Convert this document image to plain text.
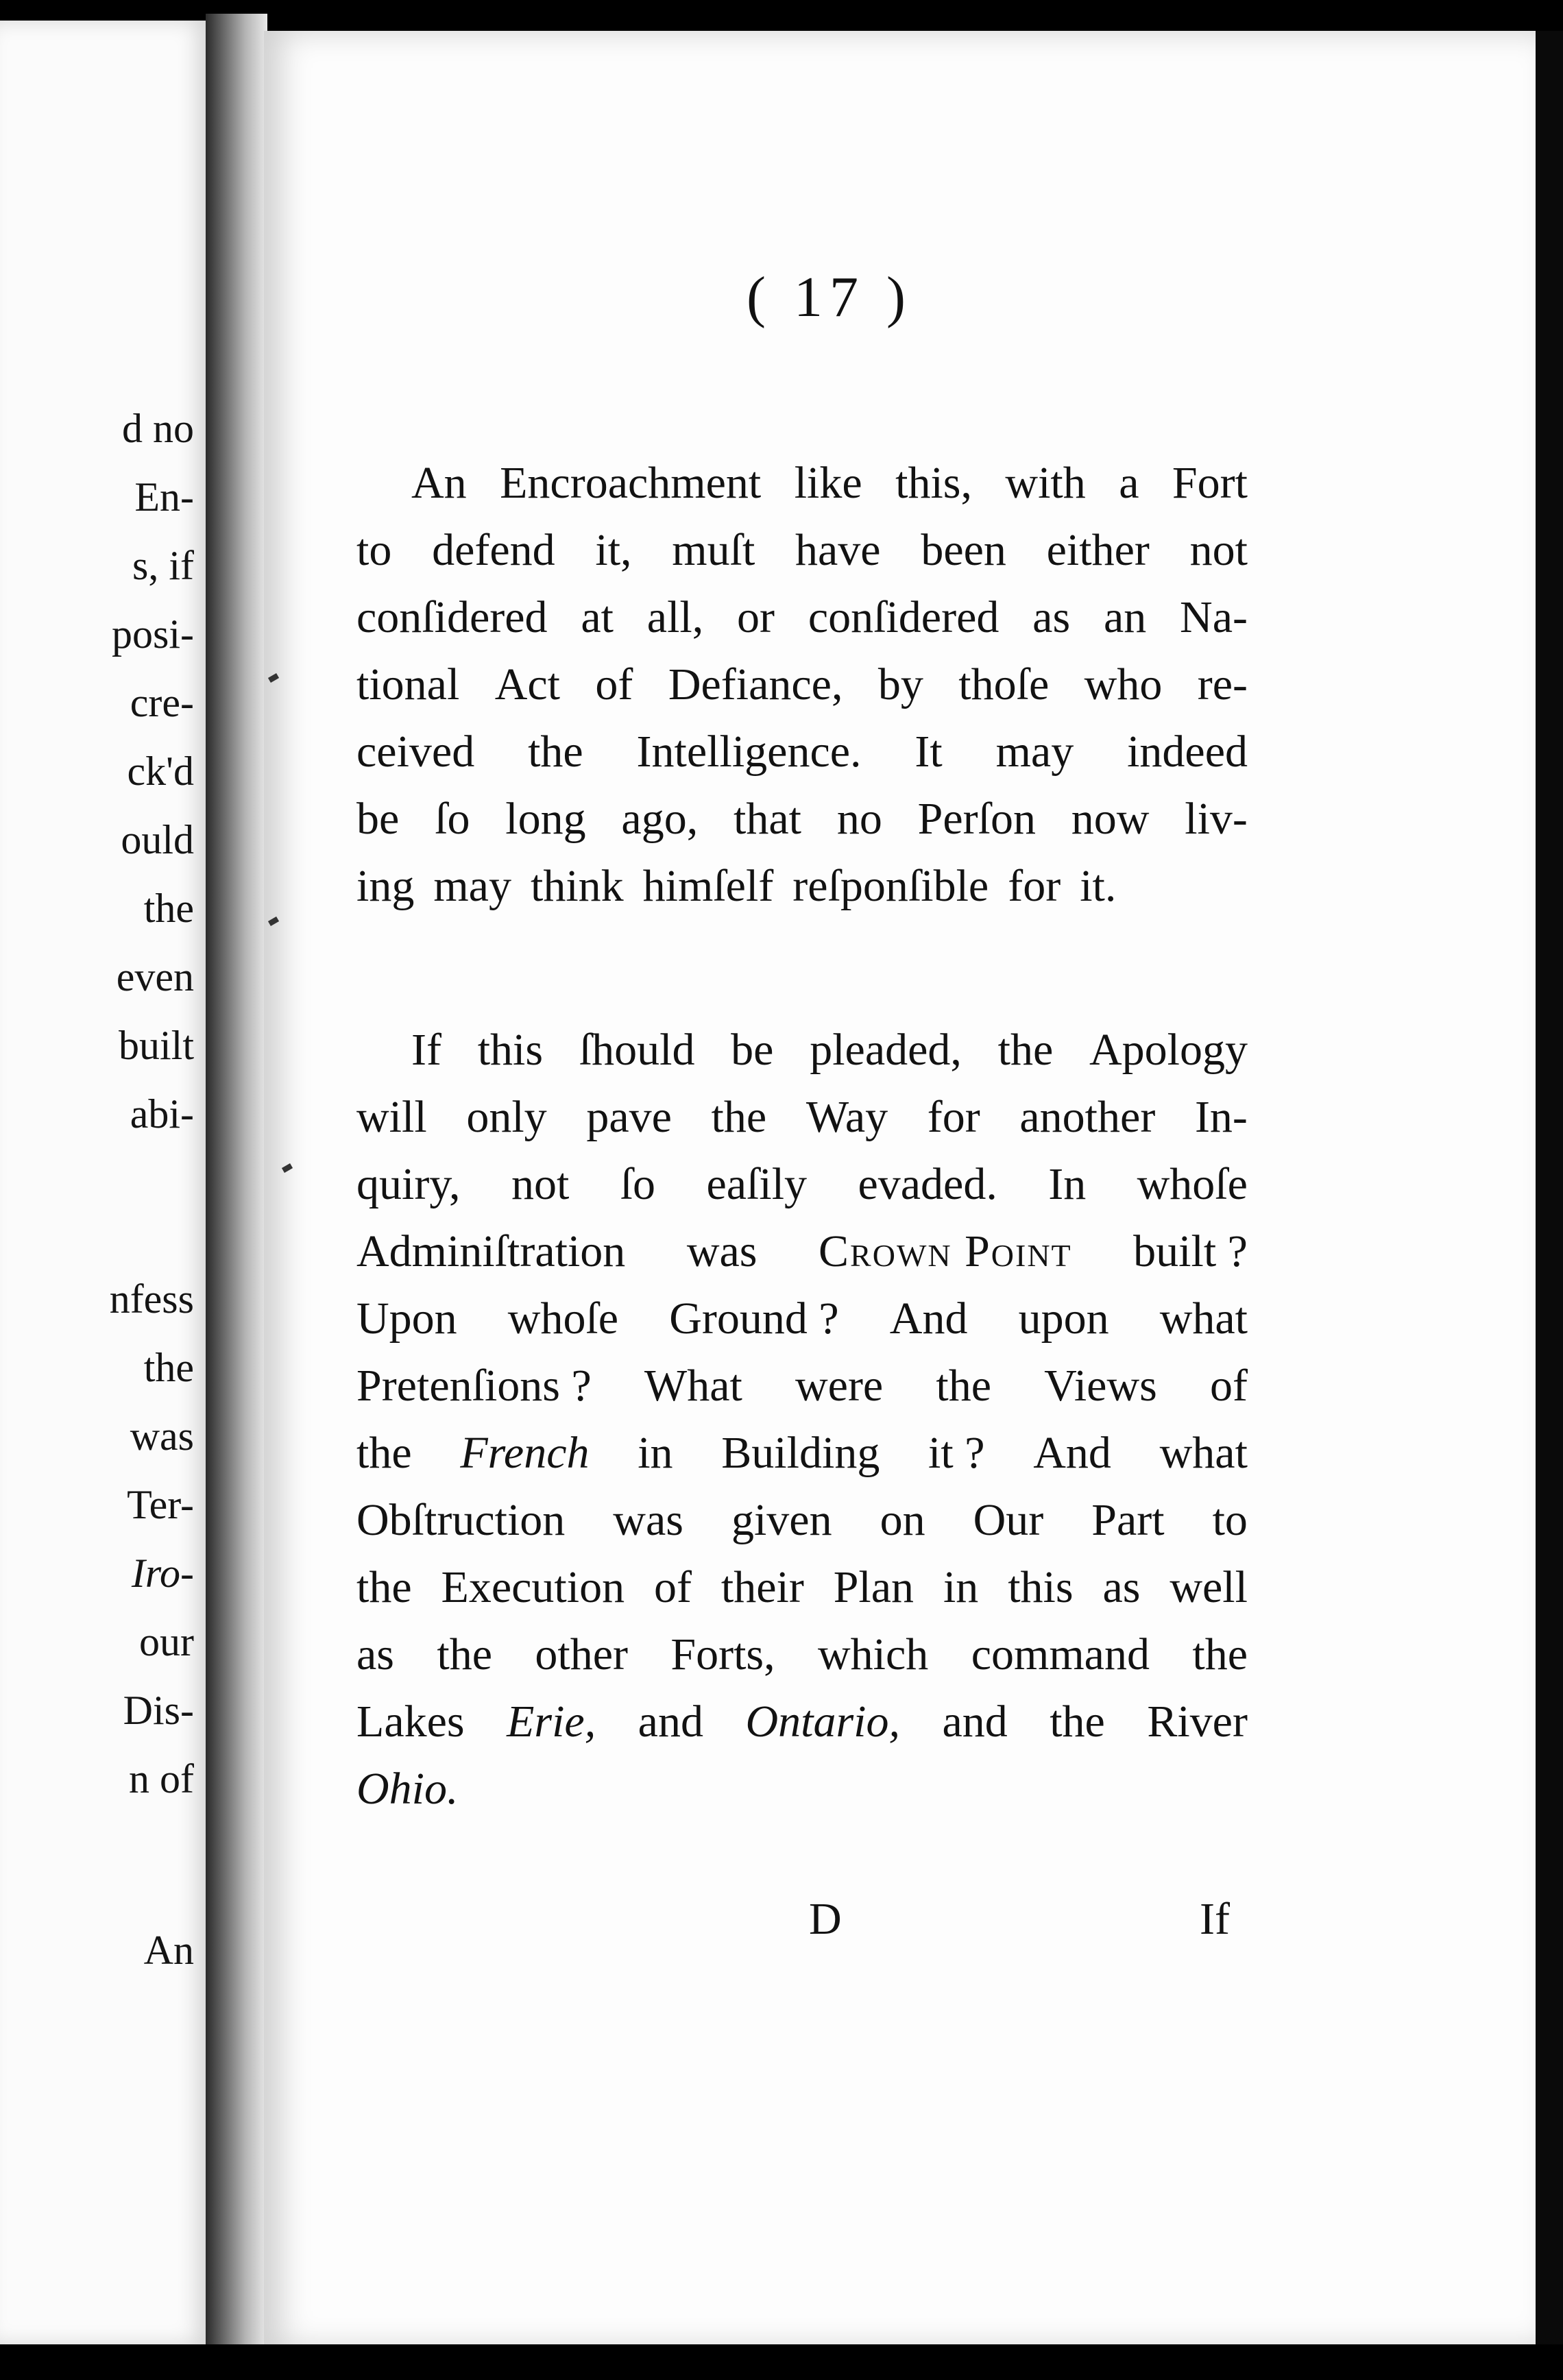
d no
En-
s, if
posi-
cre-
ck'd
ould
the
even
built
abi-
nfess
the
was
Ter-
Iro-
our
Dis-
n of
An
( 17 )
An Encroachment like this, with a Fort
to defend it, muſt have been either not
conſidered at all, or conſidered as an Na-
tional Act of Defiance, by thoſe who re-
ceived the Intelligence. It may indeed
be ſo long ago, that no Perſon now liv-
ing may think himſelf reſponſible for it.
If this ſhould be pleaded, the Apology
will only pave the Way for another In-
quiry, not ſo eaſily evaded. In whoſe
Adminiſtration was Crown Point built ?
Upon whoſe Ground ? And upon what
Pretenſions ? What were the Views of
the French in Building it ? And what
Obſtruction was given on Our Part to
the Execution of their Plan in this as well
as the other Forts, which command the
Lakes Erie, and Ontario, and the River
Ohio.
D	If
